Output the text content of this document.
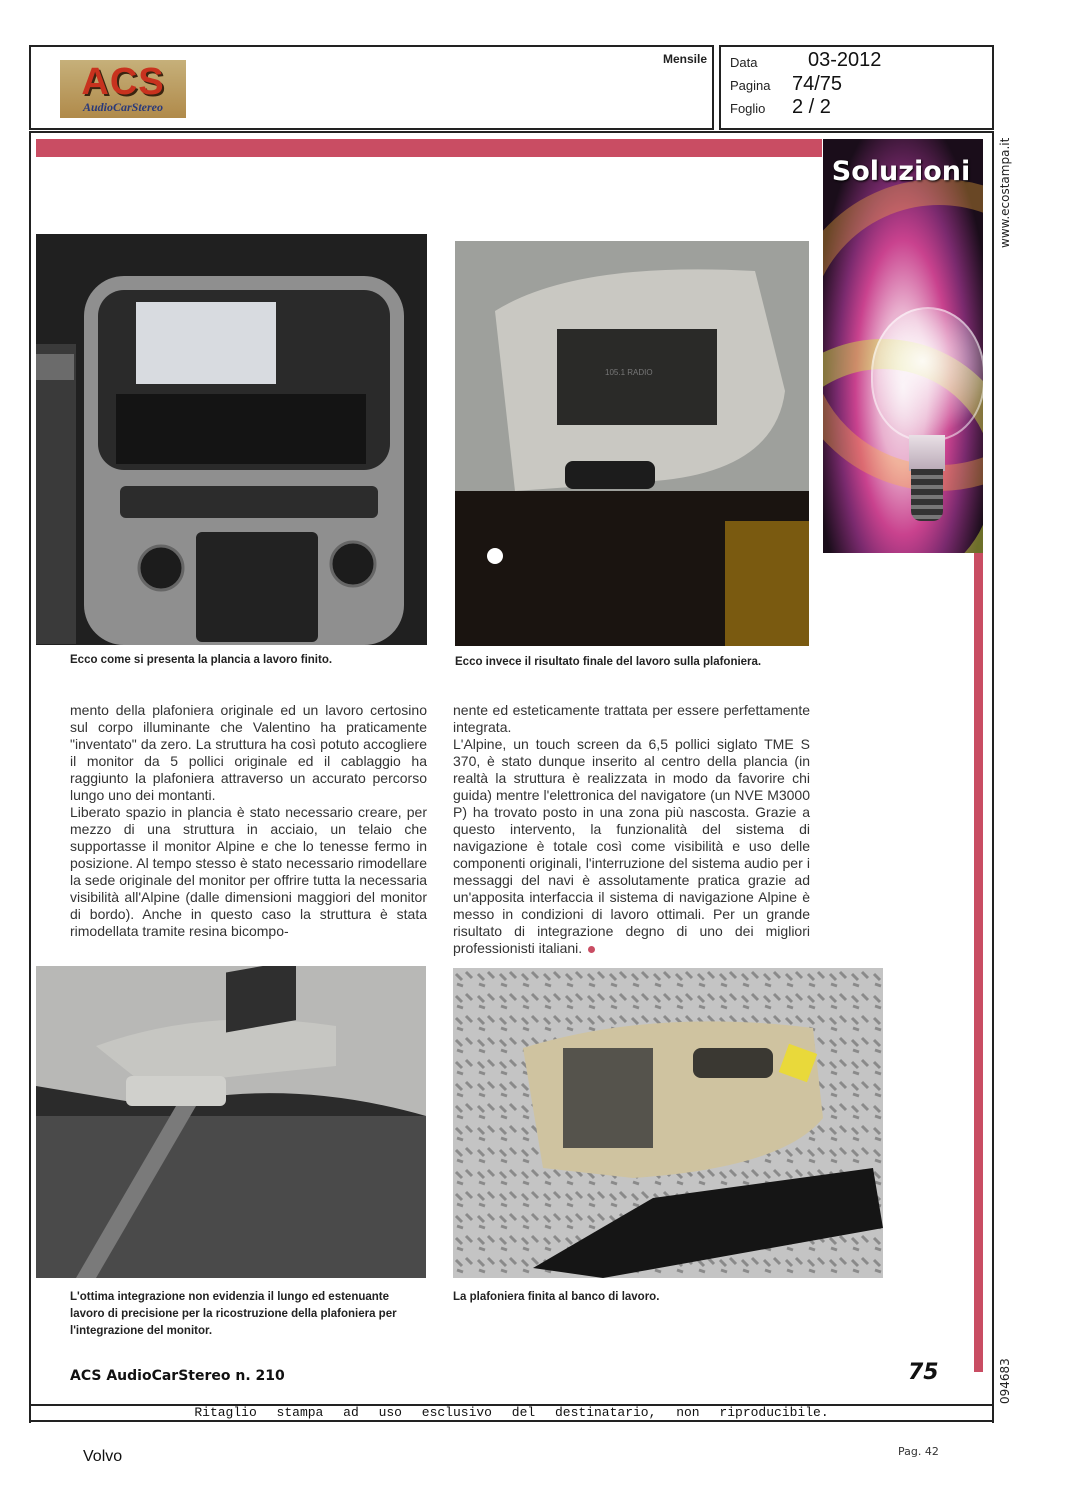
ACS
AudioCarStereo
Mensile Data	03-2012
Pagina 74/75
Foglio 2 / 2
Soluzioni	www.ecostampa.it
094683
Ecco come si presenta la plancia a lavoro finito.
105.1 RADIO
Ecco invece il risultato finale del lavoro sulla plafoniera.

mento della plafoniera originale ed un lavoro certosino sul corpo illuminante che Valentino ha praticamente "inventato" da zero. La struttura ha così potuto accogliere il monitor da 5 pollici originale ed il cablaggio ha raggiunto la plafoniera attraverso un accurato percorso lungo uno dei montanti.

Liberato spazio in plancia è stato necessario creare, per mezzo di una struttura in acciaio, un telaio che supportasse il monitor Alpine e che lo tenesse fermo in posizione. Al tempo stesso è stato necessario rimodellare la sede originale del monitor per offrire tutta la necessaria visibilità all'Alpine (dalle dimensioni maggiori del monitor di bordo). Anche in questo caso la struttura è stata rimodellata tramite resina bicompo-

nente ed esteticamente trattata per essere perfettamente integrata.

L'Alpine, un touch screen da 6,5 pollici siglato TME S 370, è stato dunque inserito al centro della plancia (in realtà la struttura è realizzata in modo da favorire chi guida) mentre l'elettronica del navigatore (un NVE M3000 P) ha trovato posto in una zona più nascosta. Grazie a questo intervento, la funzionalità del sistema di navigazione è totale così come visibilità e uso delle componenti originali, l'interruzione del sistema audio per i messaggi del navi è assolutamente pratica grazie ad un'apposita interfaccia il sistema di navigazione Alpine è messo in condizioni di lavoro ottimali. Per un grande risultato di integrazione degno di uno dei migliori professionisti italiani.

L'ottima integrazione non evidenzia il lungo ed estenuante lavoro di precisione per la ricostruzione della plafoniera per l'integrazione del monitor.
La plafoniera finita al banco di lavoro.
ACS AudioCarStereo n. 210	75
Ritaglio stampa ad uso esclusivo del destinatario, non riproducibile.
Volvo	Pag. 42
